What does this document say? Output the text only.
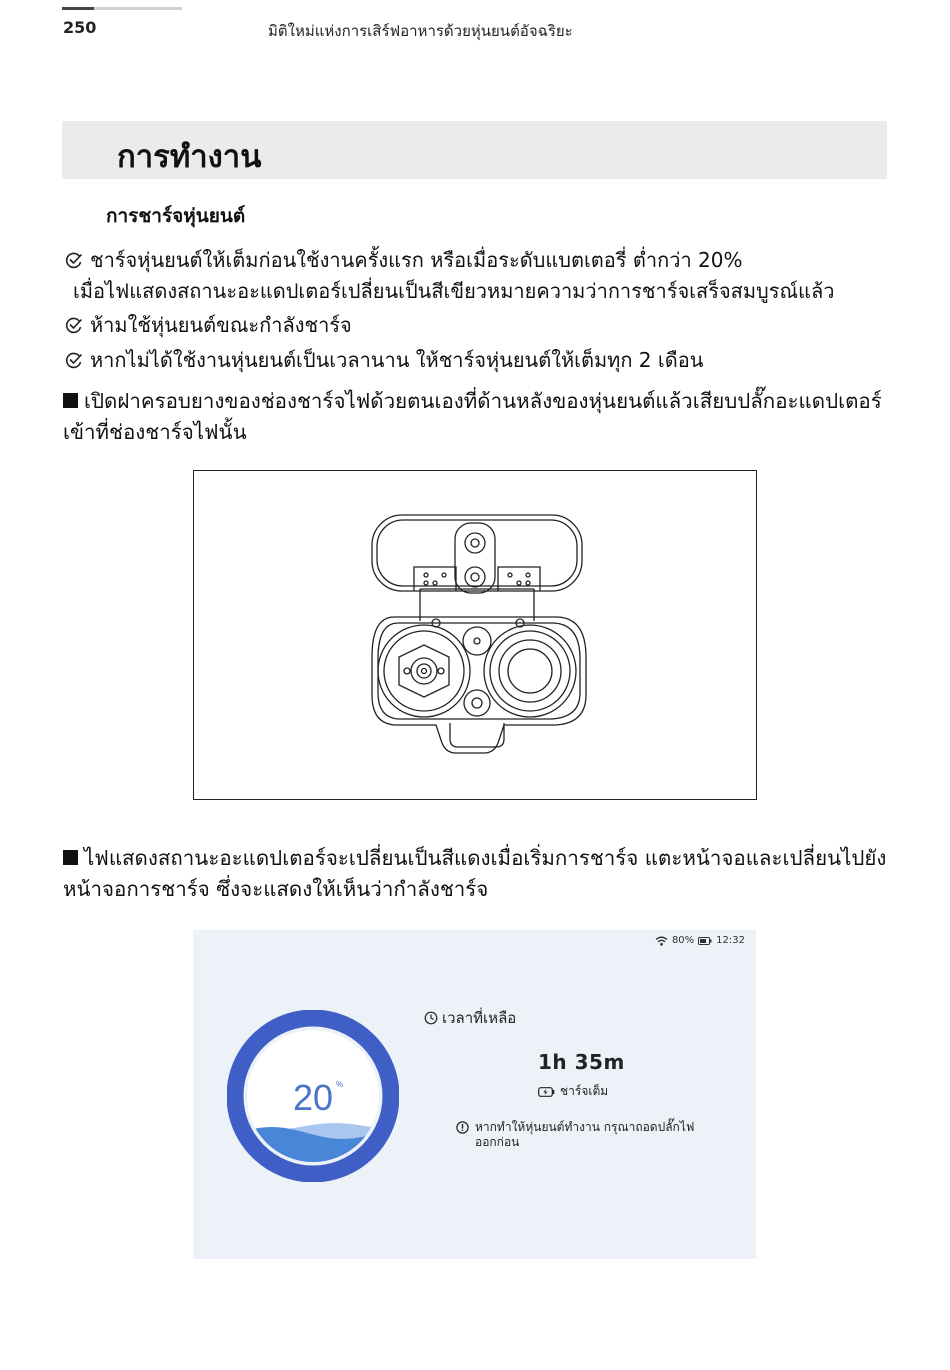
250	มิติใหม่แห่งการเสิร์ฟอาหารด้วยหุ่นยนต์อัจฉริยะ
การทำงาน
การชาร์จหุ่นยนต์
ชาร์จหุ่นยนต์ให้เต็มก่อนใช้งานครั้งแรก หรือเมื่อระดับแบตเตอรี่ ต่ำกว่า 20%
เมื่อไฟแสดงสถานะอะแดปเตอร์เปลี่ยนเป็นสีเขียวหมายความว่าการชาร์จเสร็จสมบูรณ์แล้ว
ห้ามใช้หุ่นยนต์ขณะกำลังชาร์จ
หากไม่ได้ใช้งานหุ่นยนต์เป็นเวลานาน ให้ชาร์จหุ่นยนต์ให้เต็มทุก 2 เดือน
เปิดฝาครอบยางของช่องชาร์จไฟด้วยตนเองที่ด้านหลังของหุ่นยนต์แล้วเสียบปลั๊กอะแดปเตอร์เข้าที่ช่องชาร์จไฟนั้น
ไฟแสดงสถานะอะแดปเตอร์จะเปลี่ยนเป็นสีแดงเมื่อเริ่มการชาร์จ แตะหน้าจอและเปลี่ยนไปยังหน้าจอการชาร์จ ซึ่งจะแสดงให้เห็นว่ากำลังชาร์จ
80% 12:32
20 %
เวลาที่เหลือ
1h 35m
ชาร์จเต็ม
หากทำให้หุ่นยนต์ทำงาน กรุณาถอดปลั๊กไฟออกก่อน
